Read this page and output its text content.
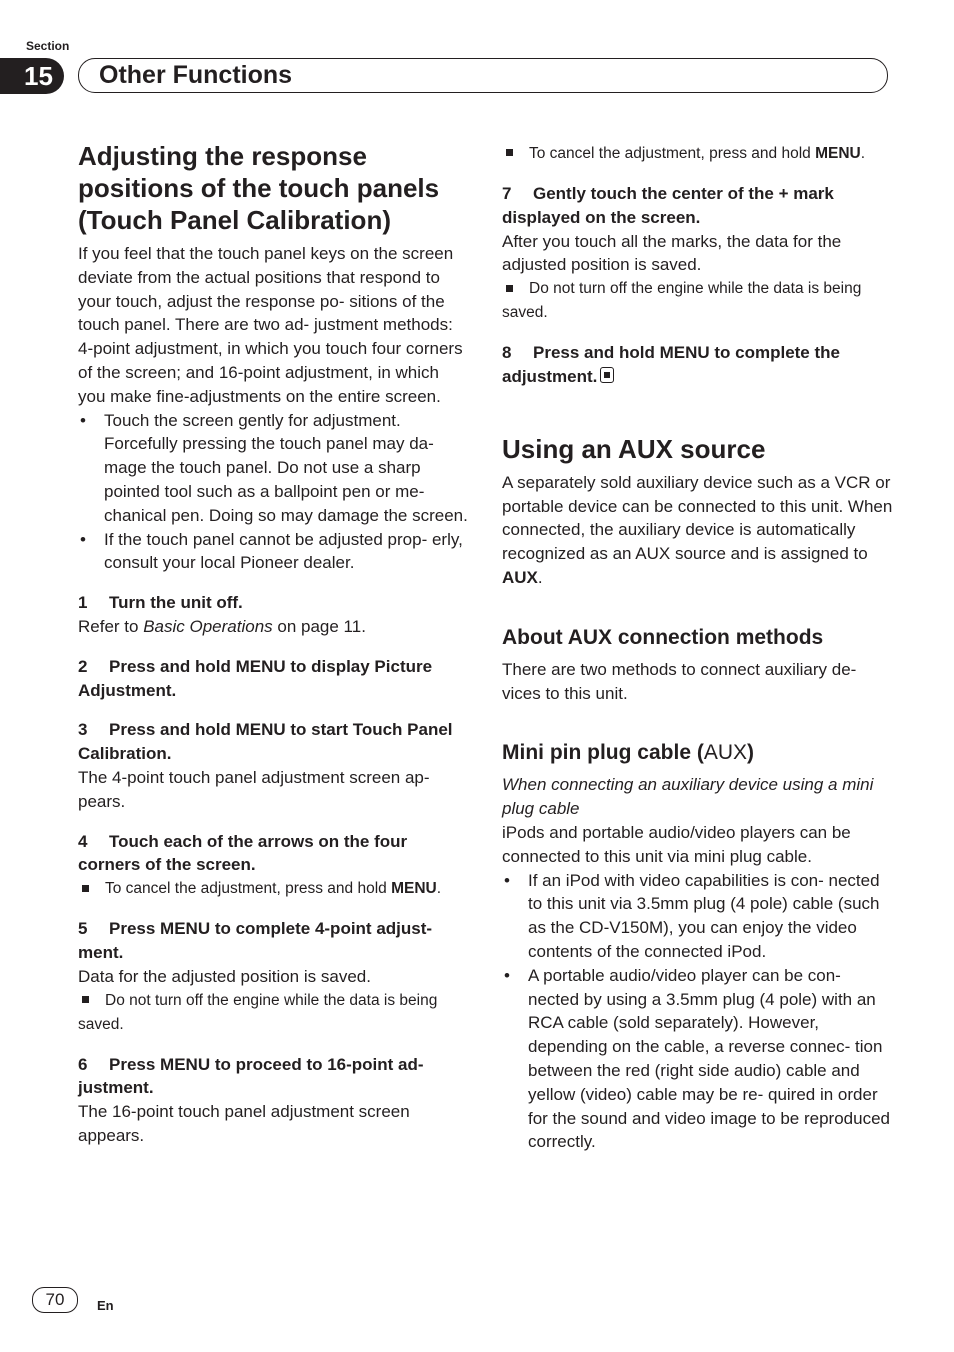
Section
15	Other Functions
Adjusting the response positions of the touch panels (Touch Panel Calibration)

If you feel that the touch panel keys on the screen deviate from the actual positions that respond to your touch, adjust the response po- sitions of the touch panel. There are two ad- justment methods: 4-point adjustment, in which you touch four corners of the screen; and 16-point adjustment, in which you make fine-adjustments on the entire screen.

• Touch the screen gently for adjustment. Forcefully pressing the touch panel may da- mage the touch panel. Do not use a sharp pointed tool such as a ballpoint pen or me- chanical pen. Doing so may damage the screen.
• If the touch panel cannot be adjusted prop- erly, consult your local Pioneer dealer.

1 Turn the unit off.

Refer to Basic Operations on page 11.

2 Press and hold MENU to display Picture Adjustment.

3 Press and hold MENU to start Touch Panel Calibration.

The 4-point touch panel adjustment screen ap- pears.

4 Touch each of the arrows on the four corners of the screen.

To cancel the adjustment, press and hold MENU.

5 Press MENU to complete 4-point adjust- ment.

Data for the adjusted position is saved.

Do not turn off the engine while the data is being saved.

6 Press MENU to proceed to 16-point ad- justment.

The 16-point touch panel adjustment screen appears.

To cancel the adjustment, press and hold MENU.

7 Gently touch the center of the + mark displayed on the screen.

After you touch all the marks, the data for the adjusted position is saved.

Do not turn off the engine while the data is being saved.

8 Press and hold MENU to complete the adjustment.

Using an AUX source

A separately sold auxiliary device such as a VCR or portable device can be connected to this unit. When connected, the auxiliary device is automatically recognized as an AUX source and is assigned to AUX.

About AUX connection methods

There are two methods to connect auxiliary de- vices to this unit.

Mini pin plug cable (AUX)

When connecting an auxiliary device using a mini plug cable

iPods and portable audio/video players can be connected to this unit via mini plug cable.

• If an iPod with video capabilities is con- nected to this unit via 3.5mm plug (4 pole) cable (such as the CD-V150M), you can enjoy the video contents of the connected iPod.
• A portable audio/video player can be con- nected by using a 3.5mm plug (4 pole) with an RCA cable (sold separately). However, depending on the cable, a reverse connec- tion between the red (right side audio) cable and yellow (video) cable may be re- quired in order for the sound and video image to be reproduced correctly.
70	En
